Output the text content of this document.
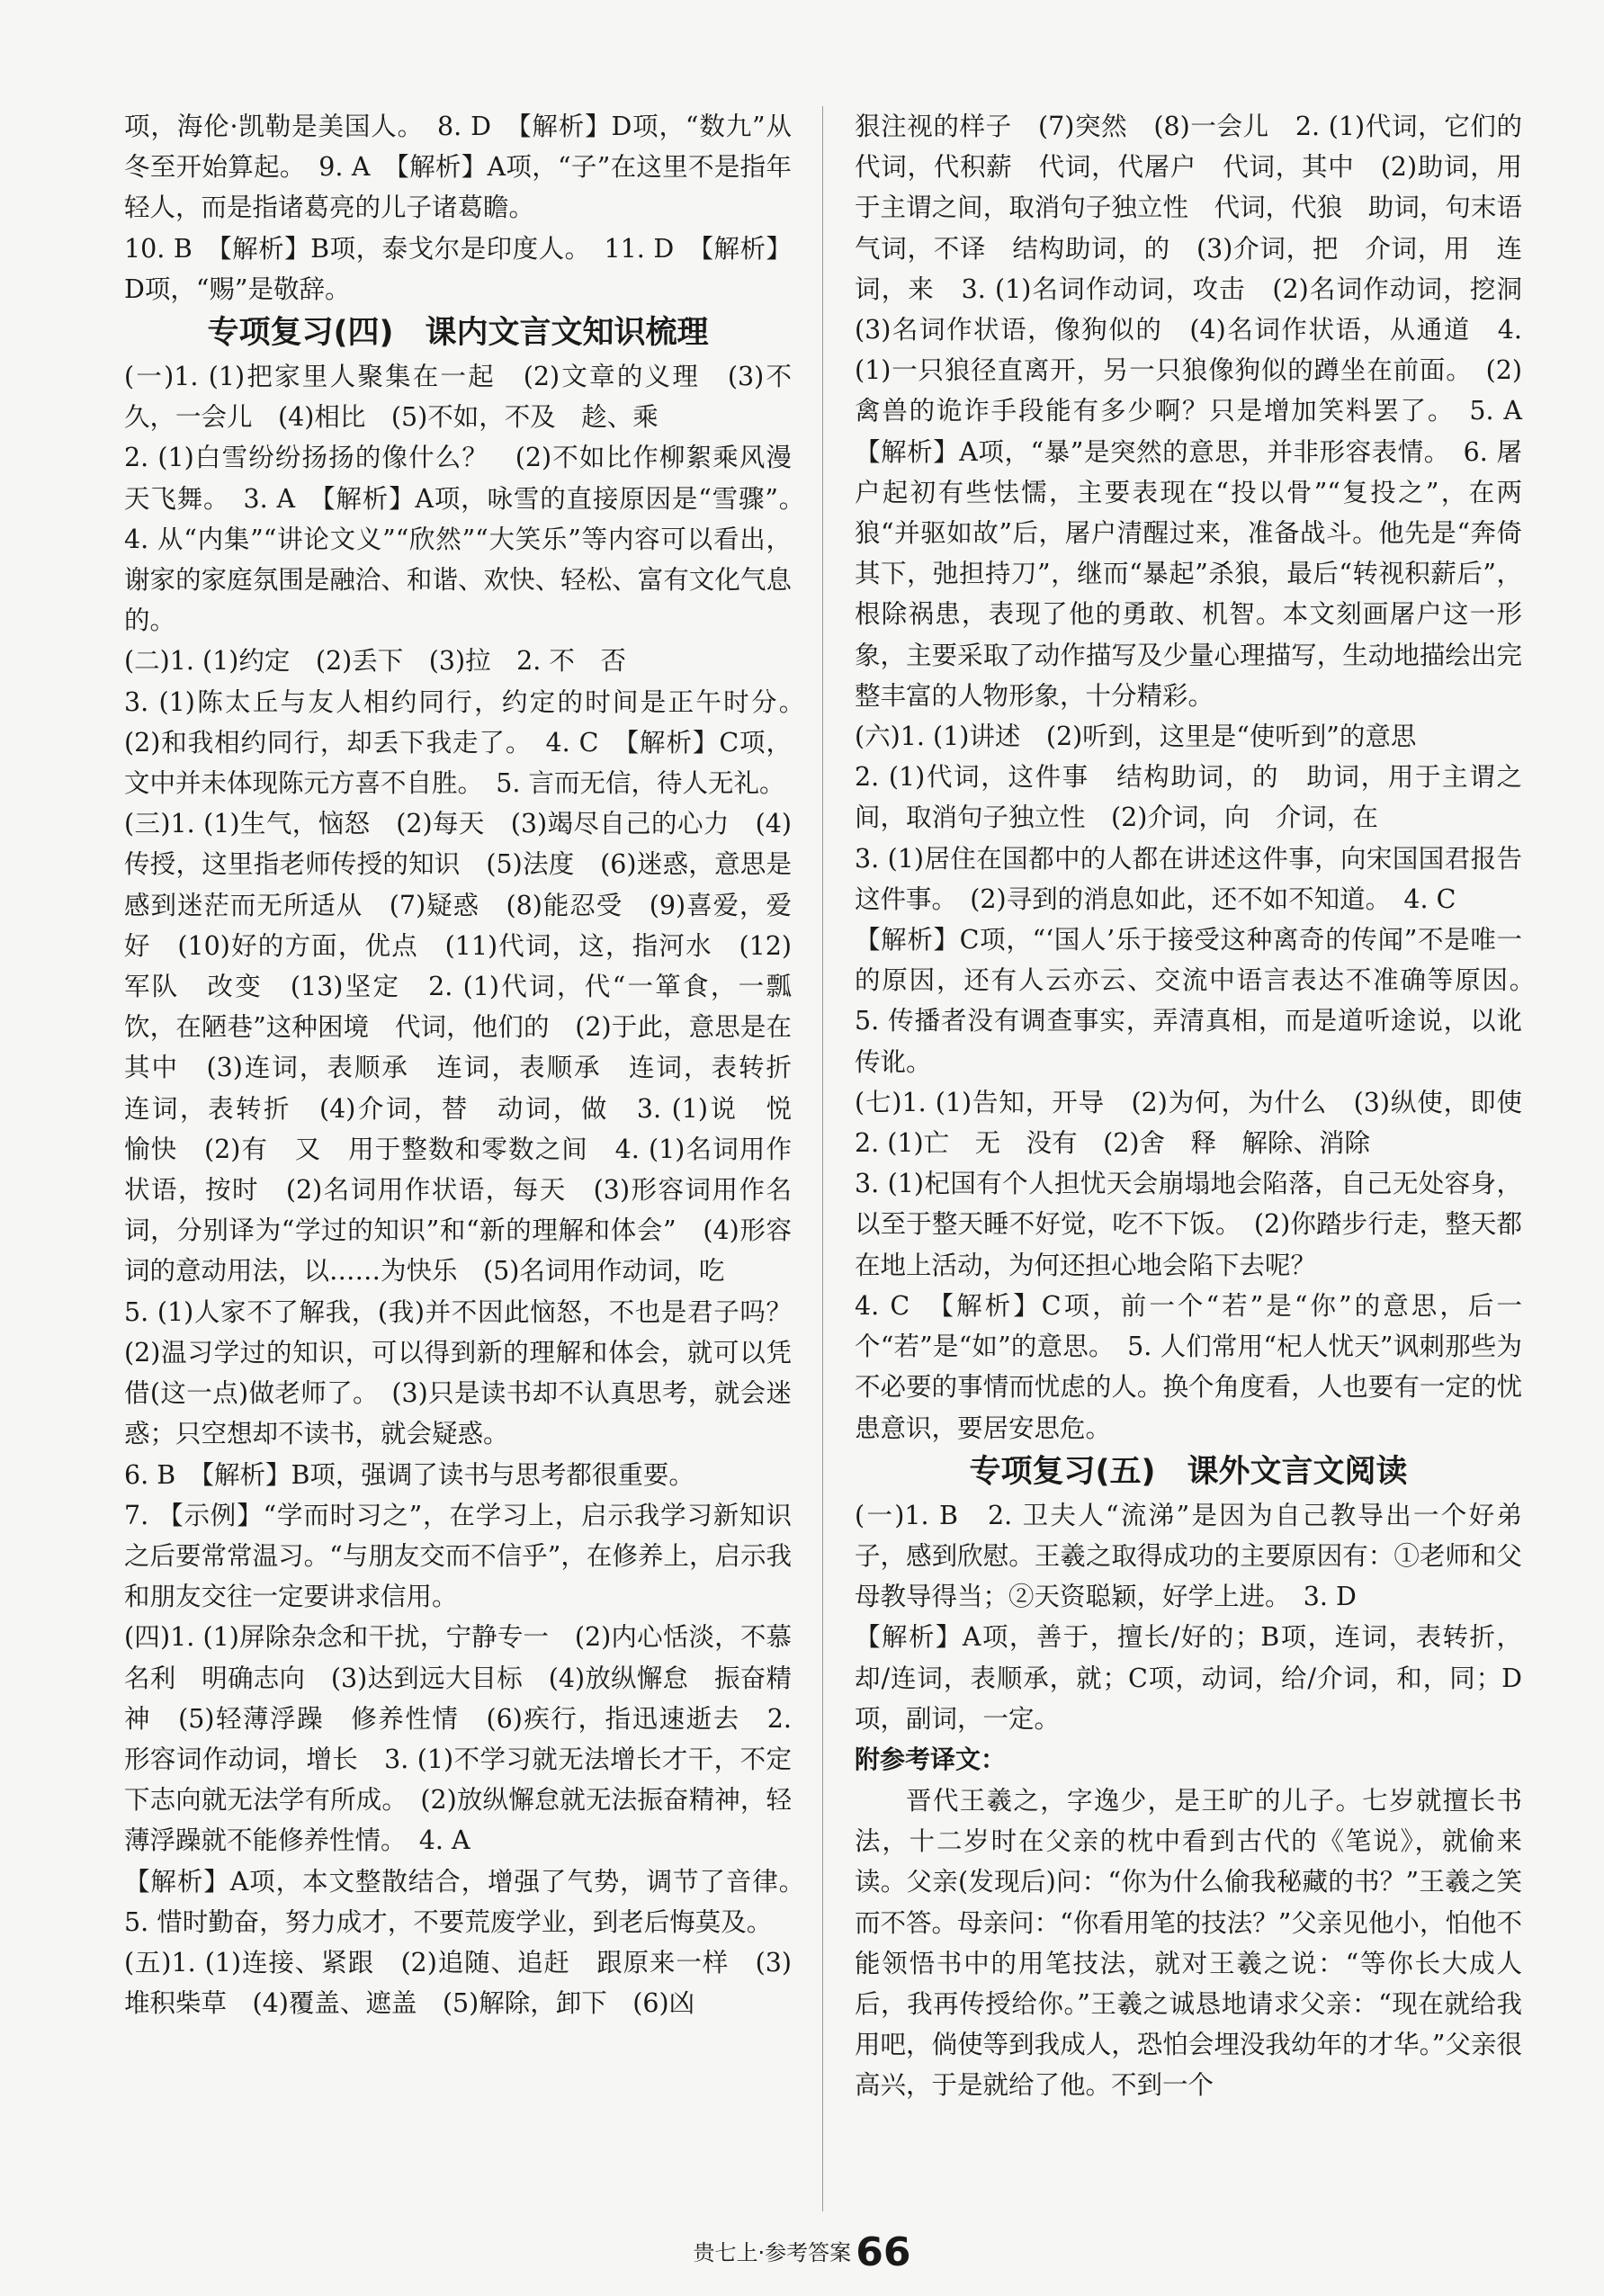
项，海伦·凯勒是美国人。　8. D　【解析】D项，“数九”从冬至开始算起。　9. A　【解析】A项，“子”在这里不是指年轻人，而是指诸葛亮的儿子诸葛瞻。

10. B　【解析】B项，泰戈尔是印度人。　11. D　【解析】D项，“赐”是敬辞。

专项复习(四)　课内文言文知识梳理

(一)1. (1)把家里人聚集在一起　(2)文章的义理　(3)不久，一会儿　(4)相比　(5)不如，不及　趁、乘

2. (1)白雪纷纷扬扬的像什么？　(2)不如比作柳絮乘风漫天飞舞。　3. A　【解析】A项，咏雪的直接原因是“雪骤”。　4. 从“内集”“讲论文义”“欣然”“大笑乐”等内容可以看出，谢家的家庭氛围是融洽、和谐、欢快、轻松、富有文化气息的。

(二)1. (1)约定　(2)丢下　(3)拉　2. 不　否

3. (1)陈太丘与友人相约同行，约定的时间是正午时分。　(2)和我相约同行，却丢下我走了。　4. C　【解析】C项，文中并未体现陈元方喜不自胜。　5. 言而无信，待人无礼。

(三)1. (1)生气，恼怒　(2)每天　(3)竭尽自己的心力　(4)传授，这里指老师传授的知识　(5)法度　(6)迷惑，意思是感到迷茫而无所适从　(7)疑惑　(8)能忍受　(9)喜爱，爱好　(10)好的方面，优点　(11)代词，这，指河水　(12)军队　改变　(13)坚定　2. (1)代词，代“一箪食，一瓢饮，在陋巷”这种困境　代词，他们的　(2)于此，意思是在其中　(3)连词，表顺承　连词，表顺承　连词，表转折　连词，表转折　(4)介词，替　动词，做　3. (1)说　悦　愉快　(2)有　又　用于整数和零数之间　4. (1)名词用作状语，按时　(2)名词用作状语，每天　(3)形容词用作名词，分别译为“学过的知识”和“新的理解和体会”　(4)形容词的意动用法，以……为快乐　(5)名词用作动词，吃

5. (1)人家不了解我，(我)并不因此恼怒，不也是君子吗？　(2)温习学过的知识，可以得到新的理解和体会，就可以凭借(这一点)做老师了。　(3)只是读书却不认真思考，就会迷惑；只空想却不读书，就会疑惑。

6. B　【解析】B项，强调了读书与思考都很重要。

7. 【示例】“学而时习之”，在学习上，启示我学习新知识之后要常常温习。“与朋友交而不信乎”，在修养上，启示我和朋友交往一定要讲求信用。

(四)1. (1)屏除杂念和干扰，宁静专一　(2)内心恬淡，不慕名利　明确志向　(3)达到远大目标　(4)放纵懈怠　振奋精神　(5)轻薄浮躁　修养性情　(6)疾行，指迅速逝去　2. 形容词作动词，增长　3. (1)不学习就无法增长才干，不定下志向就无法学有所成。　(2)放纵懈怠就无法振奋精神，轻薄浮躁就不能修养性情。　4. A

【解析】A项，本文整散结合，增强了气势，调节了音律。　5. 惜时勤奋，努力成才，不要荒废学业，到老后悔莫及。

(五)1. (1)连接、紧跟　(2)追随、追赶　跟原来一样　(3)堆积柴草　(4)覆盖、遮盖　(5)解除，卸下　(6)凶

狠注视的样子　(7)突然　(8)一会儿　2. (1)代词，它们的　代词，代积薪　代词，代屠户　代词，其中　(2)助词，用于主谓之间，取消句子独立性　代词，代狼　助词，句末语气词，不译　结构助词，的　(3)介词，把　介词，用　连词，来　3. (1)名词作动词，攻击　(2)名词作动词，挖洞　(3)名词作状语，像狗似的　(4)名词作状语，从通道　4. (1)一只狼径直离开，另一只狼像狗似的蹲坐在前面。　(2)禽兽的诡诈手段能有多少啊？只是增加笑料罢了。　5. A　【解析】A项，“暴”是突然的意思，并非形容表情。　6. 屠户起初有些怯懦，主要表现在“投以骨”“复投之”，在两狼“并驱如故”后，屠户清醒过来，准备战斗。他先是“奔倚其下，弛担持刀”，继而“暴起”杀狼，最后“转视积薪后”，根除祸患，表现了他的勇敢、机智。本文刻画屠户这一形象，主要采取了动作描写及少量心理描写，生动地描绘出完整丰富的人物形象，十分精彩。

(六)1. (1)讲述　(2)听到，这里是“使听到”的意思

2. (1)代词，这件事　结构助词，的　助词，用于主谓之间，取消句子独立性　(2)介词，向　介词，在

3. (1)居住在国都中的人都在讲述这件事，向宋国国君报告这件事。　(2)寻到的消息如此，还不如不知道。　4. C

【解析】C项，“‘国人’乐于接受这种离奇的传闻”不是唯一的原因，还有人云亦云、交流中语言表达不准确等原因。　5. 传播者没有调查事实，弄清真相，而是道听途说，以讹传讹。

(七)1. (1)告知，开导　(2)为何，为什么　(3)纵使，即使　2. (1)亡　无　没有　(2)舍　释　解除、消除

3. (1)杞国有个人担忧天会崩塌地会陷落，自己无处容身，以至于整天睡不好觉，吃不下饭。　(2)你踏步行走，整天都在地上活动，为何还担心地会陷下去呢？

4. C　【解析】C项，前一个“若”是“你”的意思，后一个“若”是“如”的意思。　5. 人们常用“杞人忧天”讽刺那些为不必要的事情而忧虑的人。换个角度看，人也要有一定的忧患意识，要居安思危。

专项复习(五)　课外文言文阅读

(一)1. B　2. 卫夫人“流涕”是因为自己教导出一个好弟子，感到欣慰。王羲之取得成功的主要原因有：①老师和父母教导得当；②天资聪颖，好学上进。　3. D

【解析】A项，善于，擅长/好的；B项，连词，表转折，却/连词，表顺承，就；C项，动词，给/介词，和，同；D项，副词，一定。

附参考译文：

晋代王羲之，字逸少，是王旷的儿子。七岁就擅长书法，十二岁时在父亲的枕中看到古代的《笔说》，就偷来读。父亲(发现后)问：“你为什么偷我秘藏的书？”王羲之笑而不答。母亲问：“你看用笔的技法？”父亲见他小，怕他不能领悟书中的用笔技法，就对王羲之说：“等你长大成人后，我再传授给你。”王羲之诚恳地请求父亲：“现在就给我用吧，倘使等到我成人，恐怕会埋没我幼年的才华。”父亲很高兴，于是就给了他。不到一个

贵七上·参考答案 66
